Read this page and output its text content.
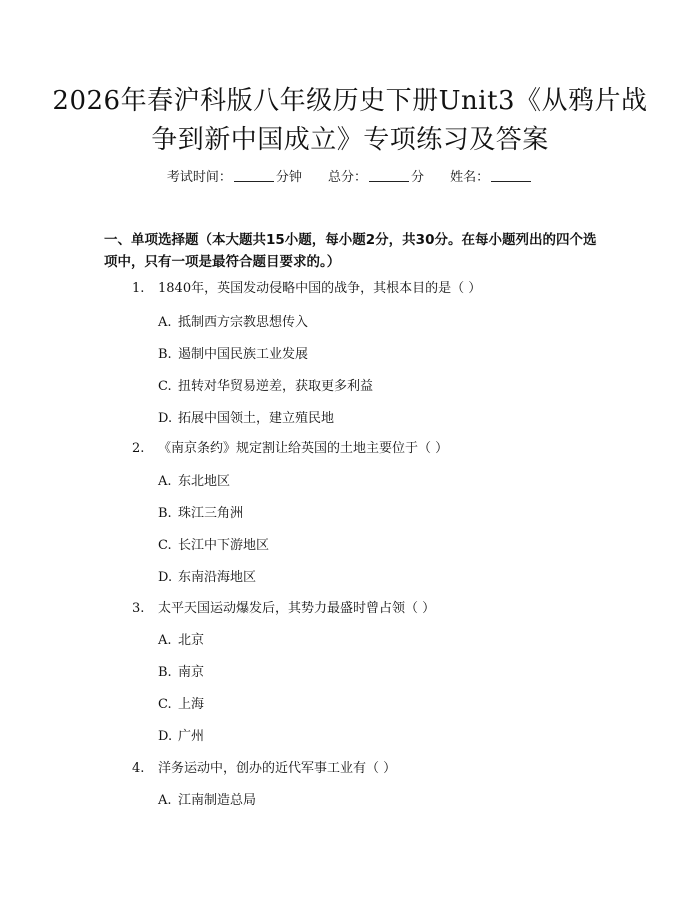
2026年春沪科版八年级历史下册Unit3《从鸦片战争到新中国成立》专项练习及答案
考试时间：	分钟 总分：	分 姓名：
一、单项选择题（本大题共15小题，每小题2分，共30分。在每小题列出的四个选项中，只有一项是最符合题目要求的。）
1. 1840年，英国发动侵略中国的战争，其根本目的是（ ）
A. 抵制西方宗教思想传入
B. 遏制中国民族工业发展
C. 扭转对华贸易逆差，获取更多利益
D. 拓展中国领土，建立殖民地
2. 《南京条约》规定割让给英国的土地主要位于（ ）
A. 东北地区
B. 珠江三角洲
C. 长江中下游地区
D. 东南沿海地区
3. 太平天国运动爆发后，其势力最盛时曾占领（ ）
A. 北京
B. 南京
C. 上海
D. 广州
4. 洋务运动中，创办的近代军事工业有（ ）
A. 江南制造总局
